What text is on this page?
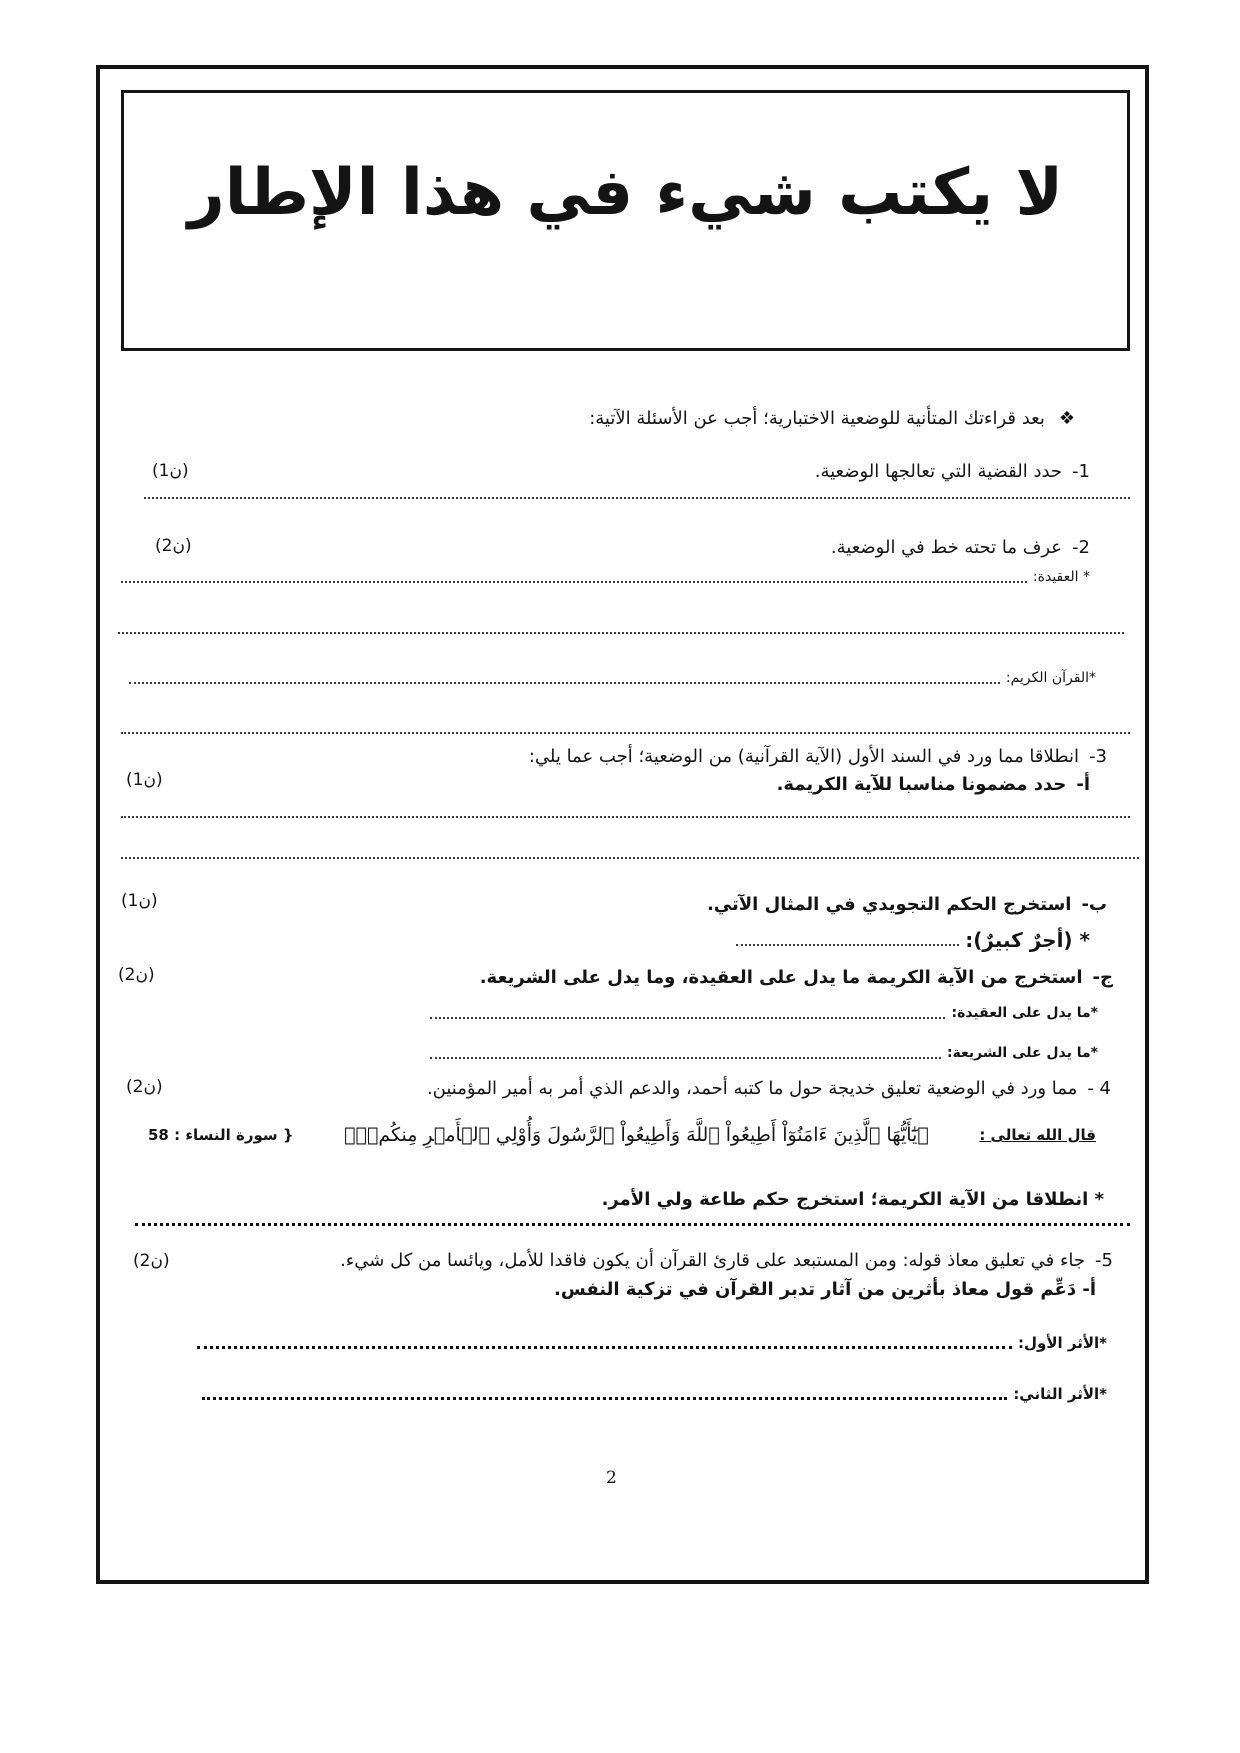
لا يكتب شيء في هذا الإطار
❖بعد قراءتك المتأنية للوضعية الاختبارية؛ أجب عن الأسئلة الآتية:
1-حدد القضية التي تعالجها الوضعية.
(1ن)
2-عرف ما تحته خط في الوضعية.
(2ن)
* العقيدة:
*القرآن الكريم:
3-انطلاقا مما ورد في السند الأول (الآية القرآنية) من الوضعية؛ أجب عما يلي:
أ-حدد مضمونا مناسبا للآية الكريمة.
(1ن)
ب-استخرج الحكم التجويدي في المثال الآتي.
(1ن)
* (أجرٌ كبيرٌ):
ج-استخرج من الآية الكريمة ما يدل على العقيدة، وما يدل على الشريعة.
(2ن)
*ما يدل على العقيدة:
*ما يدل على الشريعة:
4 -مما ورد في الوضعية تعليق خديجة حول ما كتبه أحمد، والدعم الذي أمر به أمير المؤمنين.
(2ن)
قال الله تعالى :
﴿يَٰٓأَيُّهَا ٱلَّذِينَ ءَامَنُوٓاْ أَطِيعُواْ ٱللَّهَ وَأَطِيعُواْ ٱلرَّسُولَ وَأُوْلِي ٱلۡأَمۡرِ مِنكُمۡۖ﴾
{ سورة النساء : 58
* انطلاقا من الآية الكريمة؛ استخرج حكم طاعة ولي الأمر.
5-جاء في تعليق معاذ قوله: ومن المستبعد على قارئ القرآن أن يكون فاقدا للأمل، ويائسا من كل شيء.
(2ن)
أ- دَعِّم قول معاذ بأثرين من آثار تدبر القرآن في تزكية النفس.
*الأثر الأول:
*الأثر الثاني:
2
